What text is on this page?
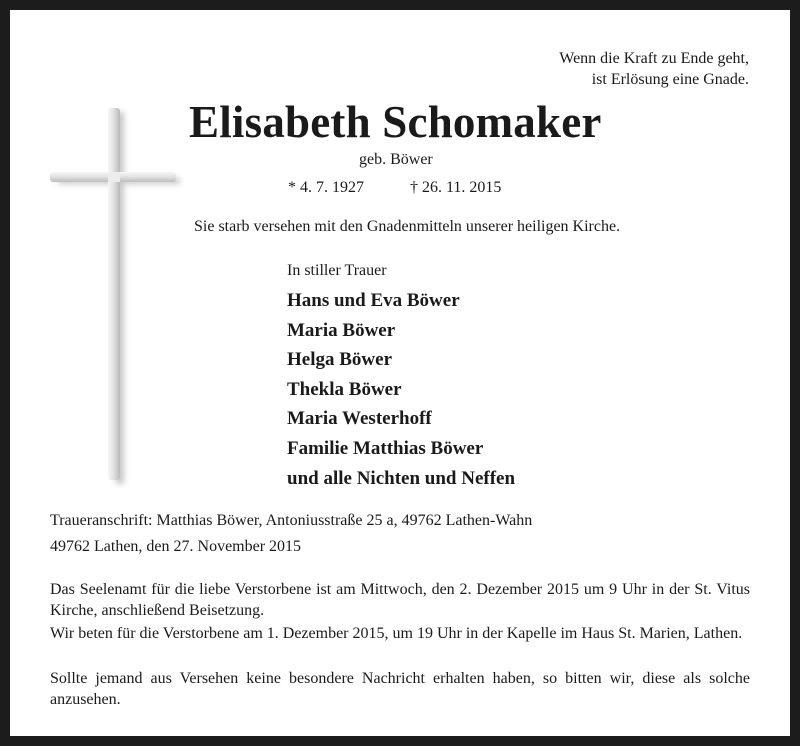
Wenn die Kraft zu Ende geht,
ist Erlösung eine Gnade.
Elisabeth Schomaker
geb. Böwer
* 4. 7. 1927	† 26. 11. 2015
Sie starb versehen mit den Gnadenmitteln unserer heiligen Kirche.
In stiller Trauer
Hans und Eva Böwer
Maria Böwer
Helga Böwer
Thekla Böwer
Maria Westerhoff
Familie Matthias Böwer
und alle Nichten und Neffen
Traueranschrift: Matthias Böwer, Antoniusstraße 25 a, 49762 Lathen-Wahn
49762 Lathen, den 27. November 2015

Das Seelenamt für die liebe Verstorbene ist am Mittwoch, den 2. Dezember 2015 um 9 Uhr in der St. Vitus Kirche, anschließend Beisetzung.

Wir beten für die Verstorbene am 1. Dezember 2015, um 19 Uhr in der Kapelle im Haus St. Marien, Lathen.

Sollte jemand aus Versehen keine besondere Nachricht erhalten haben, so bitten wir, diese als solche anzusehen.
